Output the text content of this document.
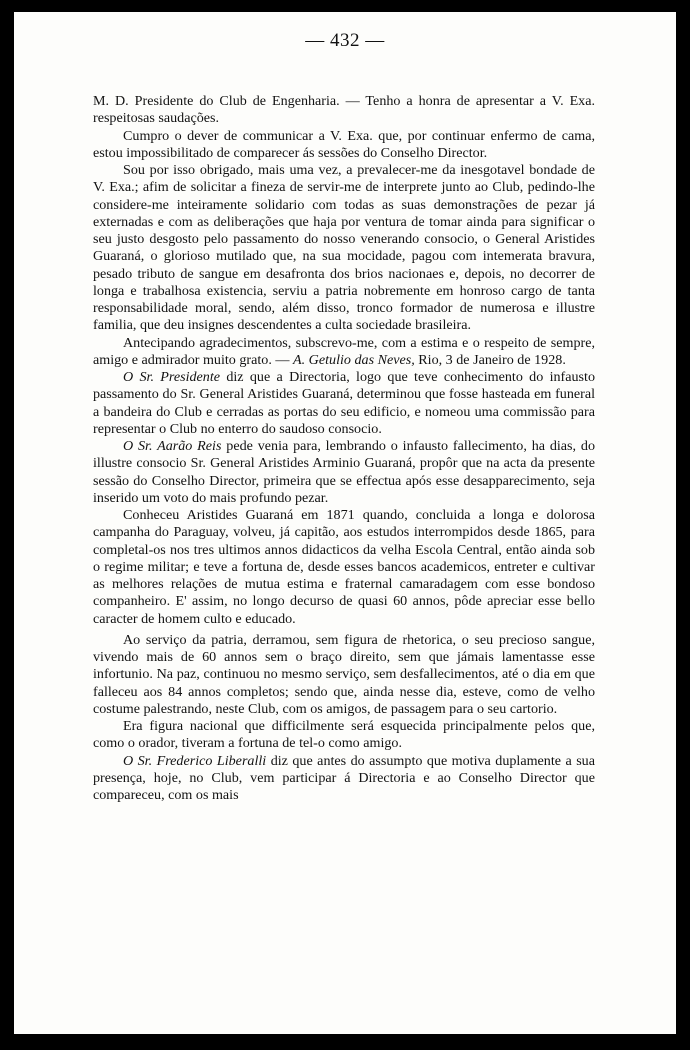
— 432 —

M. D. Presidente do Club de Engenharia. — Tenho a honra de apresentar a V. Exa. respeitosas saudações.

Cumpro o dever de communicar a V. Exa. que, por continuar enfermo de cama, estou impossibilitado de comparecer ás sessões do Conselho Director.

Sou por isso obrigado, mais uma vez, a prevalecer-me da inesgotavel bondade de V. Exa.; afim de solicitar a fineza de servir-me de interprete junto ao Club, pedindo-lhe considere-me inteiramente solidario com todas as suas demonstrações de pezar já externadas e com as deliberações que haja por ventura de tomar ainda para significar o seu justo desgosto pelo passamento do nosso venerando consocio, o General Aristides Guaraná, o glorioso mutilado que, na sua mocidade, pagou com intemerata bravura, pesado tributo de sangue em desafronta dos brios nacionaes e, depois, no decorrer de longa e trabalhosa existencia, serviu a patria nobremente em honroso cargo de tanta responsabilidade moral, sendo, além disso, tronco formador de numerosa e illustre familia, que deu insignes descendentes a culta sociedade brasileira.

Antecipando agradecimentos, subscrevo-me, com a estima e o respeito de sempre, amigo e admirador muito grato. — A. Getulio das Neves, Rio, 3 de Janeiro de 1928.

O Sr. Presidente diz que a Directoria, logo que teve conhecimento do infausto passamento do Sr. General Aristides Guaraná, determinou que fosse hasteada em funeral a bandeira do Club e cerradas as portas do seu edificio, e nomeou uma commissão para representar o Club no enterro do saudoso consocio.

O Sr. Aarão Reis pede venia para, lembrando o infausto fallecimento, ha dias, do illustre consocio Sr. General Aristides Arminio Guaraná, propôr que na acta da presente sessão do Conselho Director, primeira que se effectua após esse desapparecimento, seja inserido um voto do mais profundo pezar.

Conheceu Aristides Guaraná em 1871 quando, concluida a longa e dolorosa campanha do Paraguay, volveu, já capitão, aos estudos interrompidos desde 1865, para completal-os nos tres ultimos annos didacticos da velha Escola Central, então ainda sob o regime militar; e teve a fortuna de, desde esses bancos academicos, entreter e cultivar as melhores relações de mutua estima e fraternal camaradagem com esse bondoso companheiro. E' assim, no longo decurso de quasi 60 annos, pôde apreciar esse bello caracter de homem culto e educado.

Ao serviço da patria, derramou, sem figura de rhetorica, o seu precioso sangue, vivendo mais de 60 annos sem o braço direito, sem que jámais lamentasse esse infortunio. Na paz, continuou no mesmo serviço, sem desfallecimentos, até o dia em que falleceu aos 84 annos completos; sendo que, ainda nesse dia, esteve, como de velho costume palestrando, neste Club, com os amigos, de passagem para o seu cartorio.

Era figura nacional que difficilmente será esquecida principalmente pelos que, como o orador, tiveram a fortuna de tel-o como amigo.

O Sr. Frederico Liberalli diz que antes do assumpto que motiva duplamente a sua presença, hoje, no Club, vem participar á Directoria e ao Conselho Director que compareceu, com os mais
